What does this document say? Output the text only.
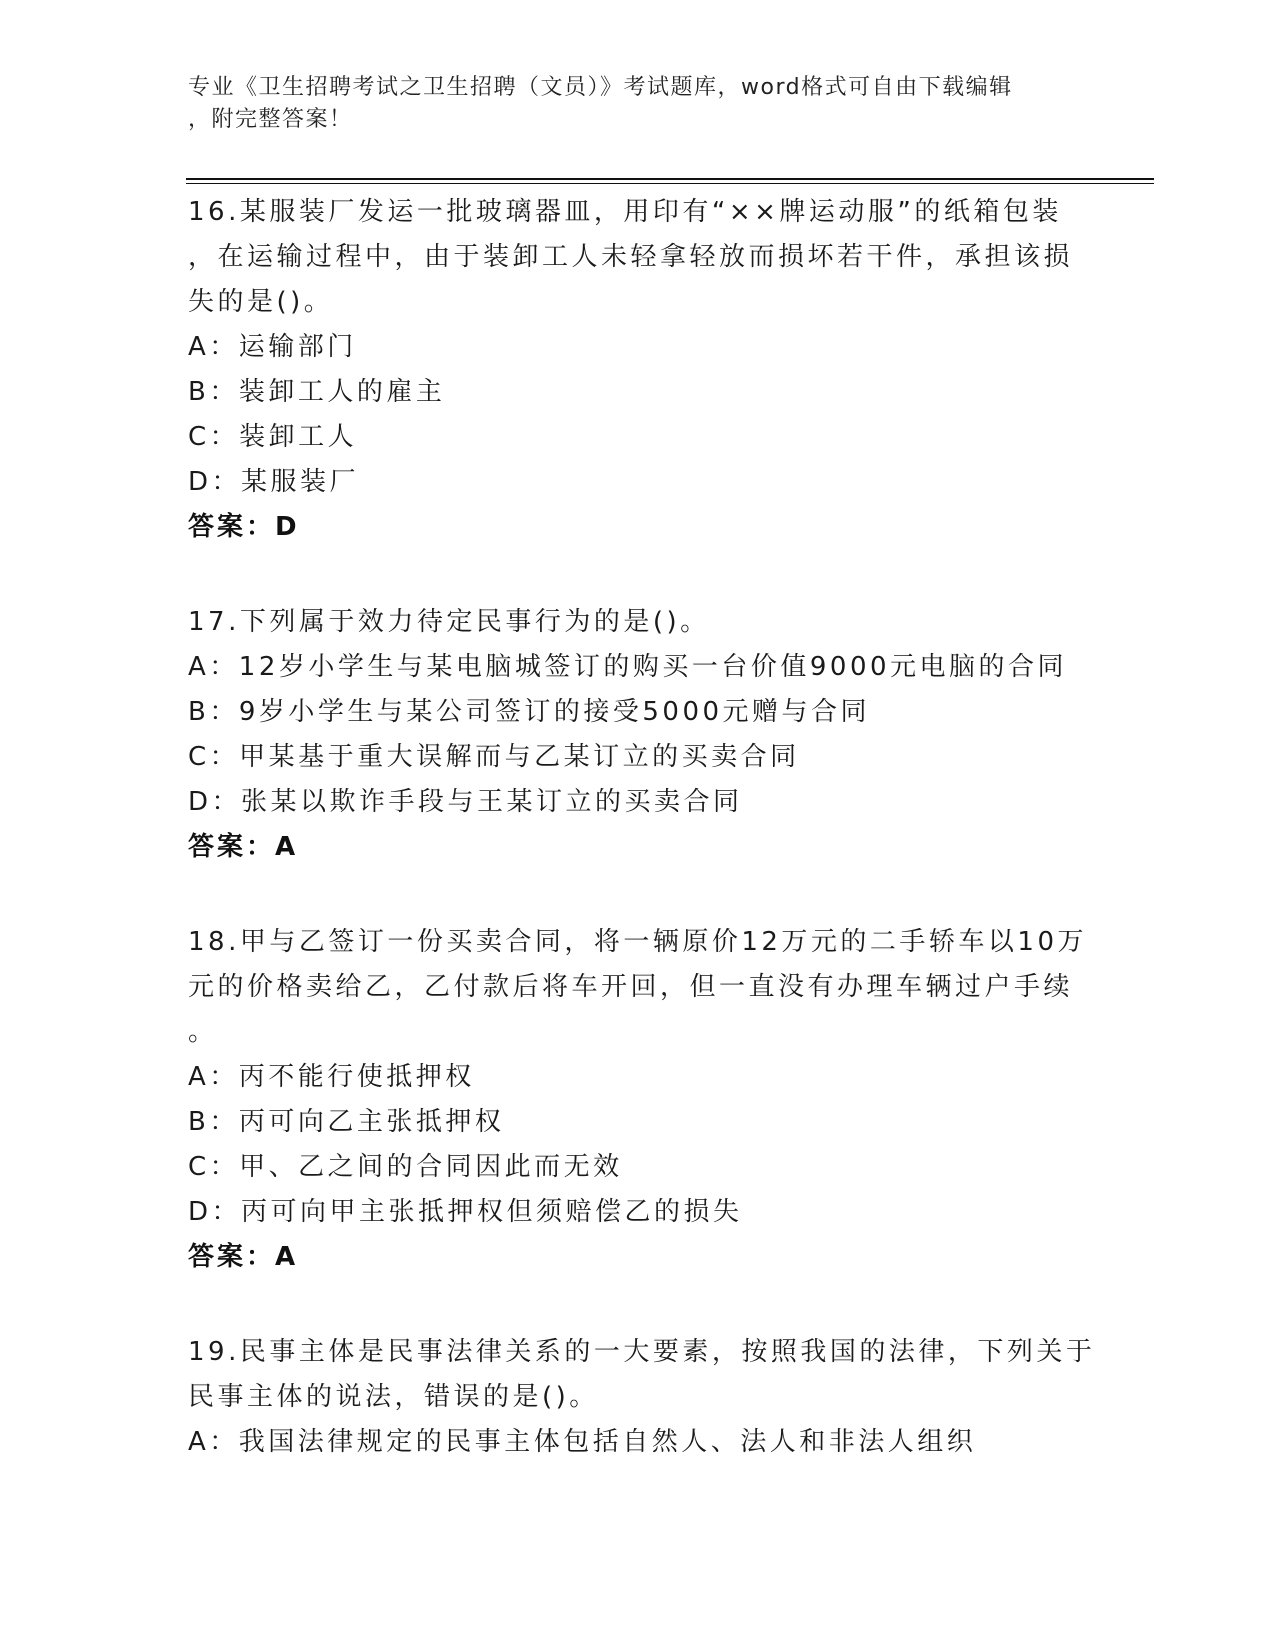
专业《卫生招聘考试之卫生招聘（文员）》考试题库，word格式可自由下载编辑
，附完整答案！
16.某服装厂发运一批玻璃器皿，用印有“××牌运动服”的纸箱包装
，在运输过程中，由于装卸工人未轻拿轻放而损坏若干件，承担该损
失的是()。
A：运输部门
B：装卸工人的雇主
C：装卸工人
D：某服装厂
答案：D
17.下列属于效力待定民事行为的是()。
A：12岁小学生与某电脑城签订的购买一台价值9000元电脑的合同
B：9岁小学生与某公司签订的接受5000元赠与合同
C：甲某基于重大误解而与乙某订立的买卖合同
D：张某以欺诈手段与王某订立的买卖合同
答案：A
18.甲与乙签订一份买卖合同，将一辆原价12万元的二手轿车以10万
元的价格卖给乙，乙付款后将车开回，但一直没有办理车辆过户手续
。
A：丙不能行使抵押权
B：丙可向乙主张抵押权
C：甲、乙之间的合同因此而无效
D：丙可向甲主张抵押权但须赔偿乙的损失
答案：A
19.民事主体是民事法律关系的一大要素，按照我国的法律，下列关于
民事主体的说法，错误的是()。
A：我国法律规定的民事主体包括自然人、法人和非法人组织
